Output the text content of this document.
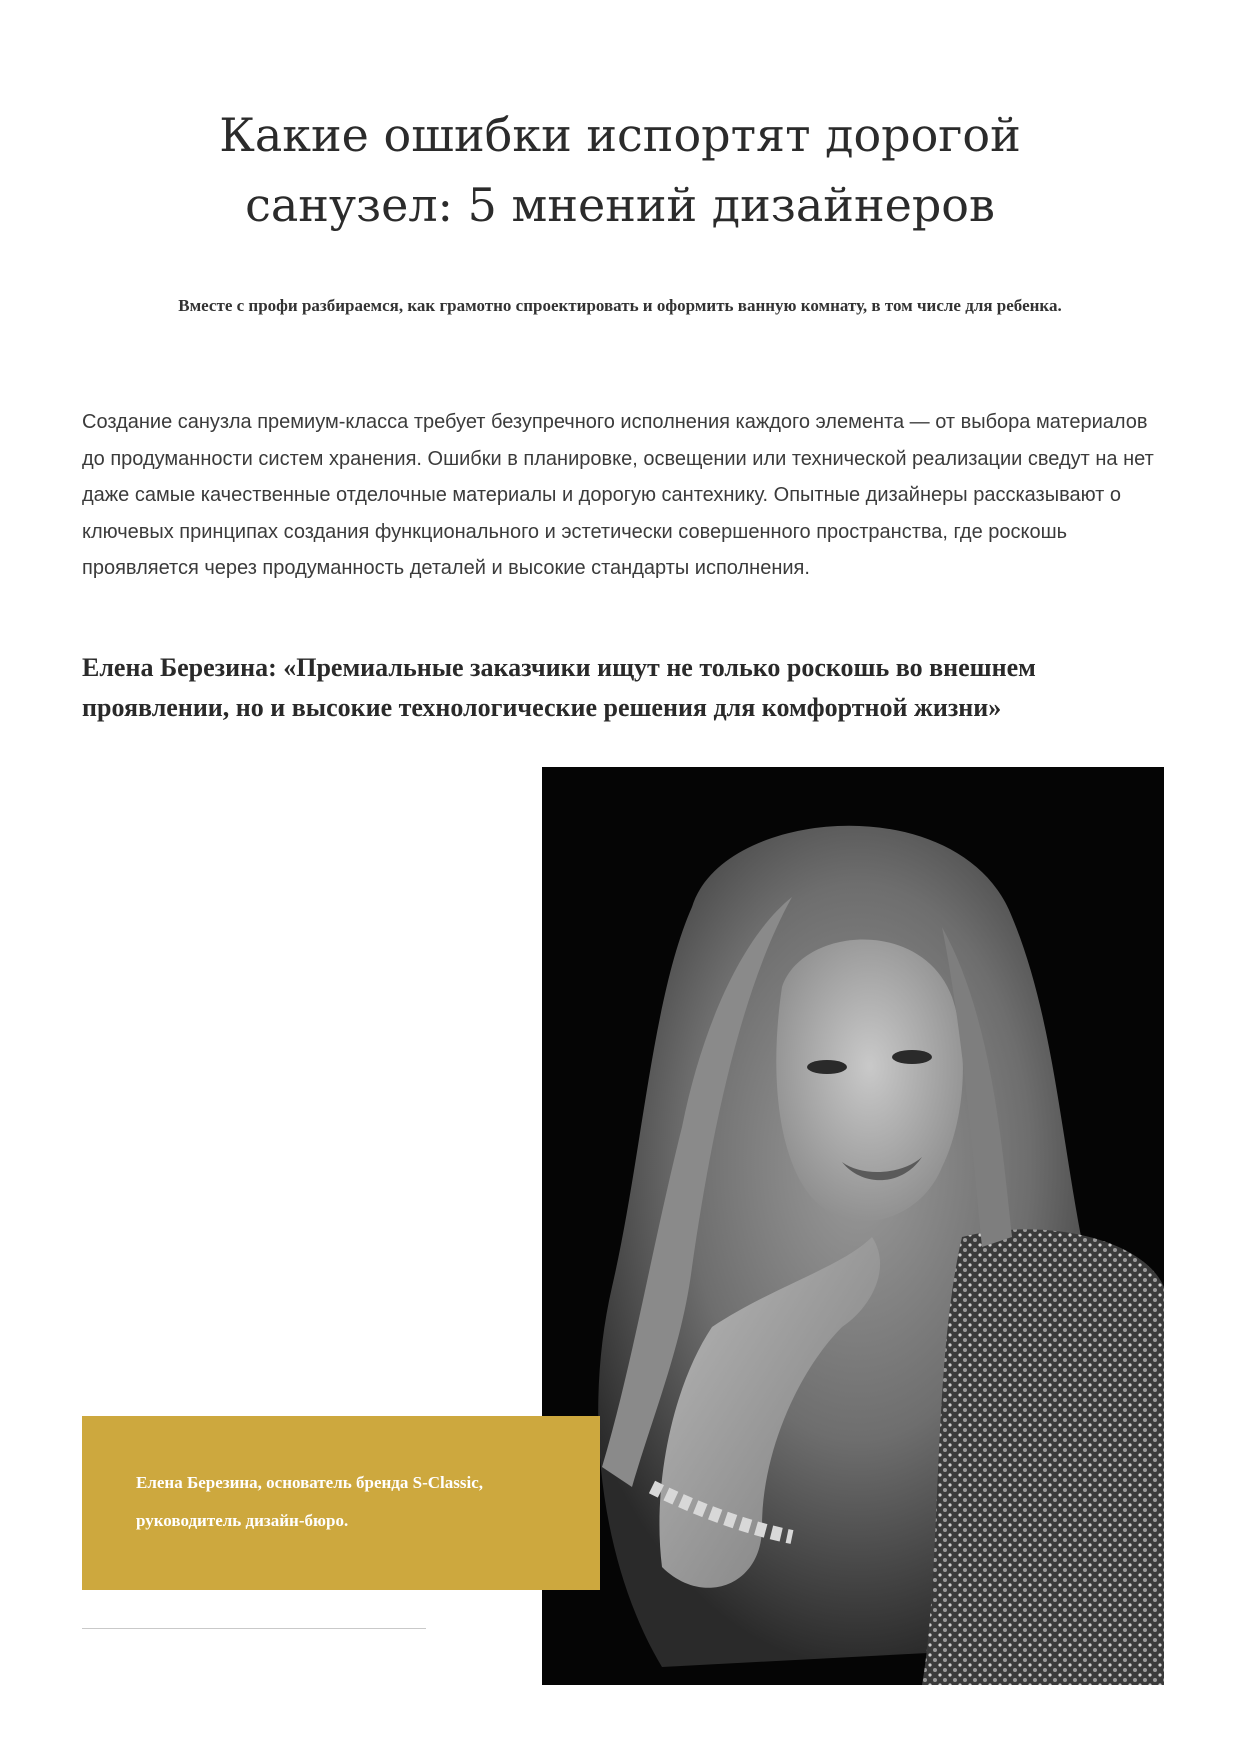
Какие ошибки испортят дорогой санузел: 5 мнений дизайнеров

Вместе с профи разбираемся, как грамотно спроектировать и оформить ванную комнату, в том числе для ребенка.

Создание санузла премиум-класса требует безупречного исполнения каждого элемента — от выбора материалов до продуманности систем хранения. Ошибки в планировке, освещении или технической реализации сведут на нет даже самые качественные отделочные материалы и дорогую сантехнику. Опытные дизайнеры рассказывают о ключевых принципах создания функционального и эстетически совершенного пространства, где роскошь проявляется через продуманность деталей и высокие стандарты исполнения.

Елена Березина: «Премиальные заказчики ищут не только роскошь во внешнем проявлении, но и высокие технологические решения для комфортной жизни»

Елена Березина, основатель бренда S-Classic, руководитель дизайн-бюро.
